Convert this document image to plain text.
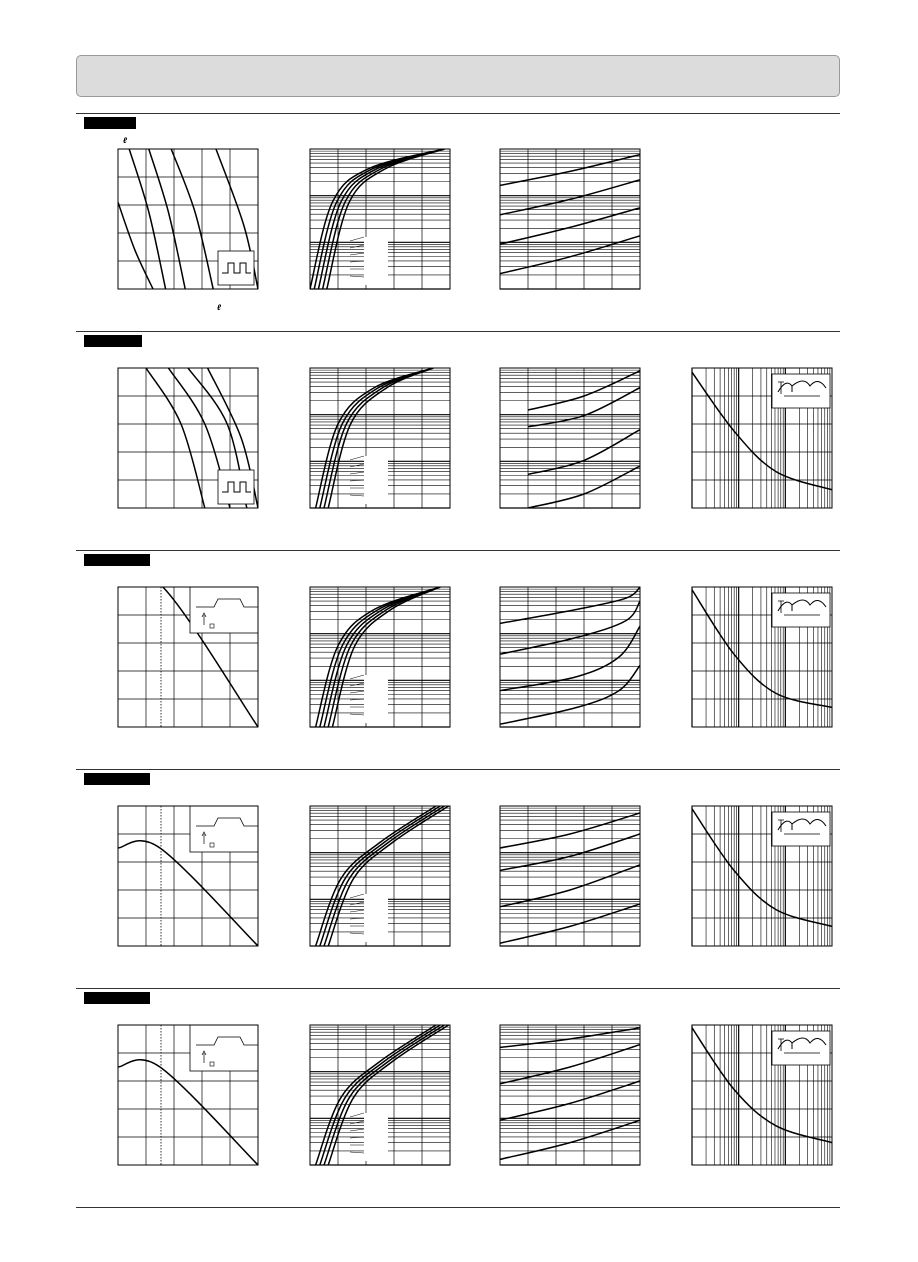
ℓ
ℓ
